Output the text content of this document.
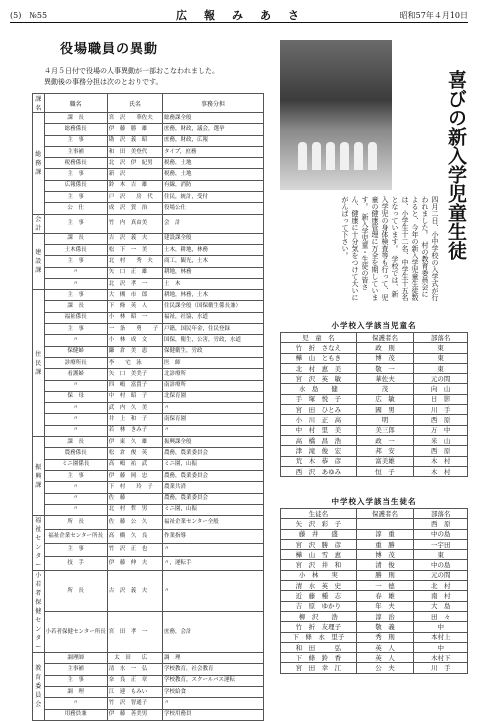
(5)　№55	広　報　み　あ　さ	昭和57年４月10日
役場職員の異動
４月５日付で役場の人事異動が一部おこなわれました。
異動後の事務分担は次のとおりです。
課名	職名	氏名	事務分担
総務課	課　長	宮　沢　　華佐夫	総務課全般
	総務係長	伊　藤　勝　雄	庶務，財政，議会，選挙
	主　事	勘　沢　義　昭	庶務，財政，広報
	主事補	和　田　美登代	タイプ，庶務
	税務係長	北　沢　伊　紀男	税務，土地
	主　事	新　沢　　　　　	税務，土地
	広報係長	鈴　木　吉　雄	有線，消防
	主　事	戸　沢　　房　代	住民，統計，受付
	公　仕	成　沢　賀　治	役場公仕
会計	主　事	竹　内　真由美	会　計
建設課	課　長	吉　沢　義　夫	建設課全般
	土木係長	松　下　一　美	土木，耕地，林務
	主　事	北　村　　秀　夫	商工，観光，土木
	〃	矢　口　正　雄	耕地，林務
	〃	北　沢　孝　一	土　木
住民課	主　事	大　槻　市　郎	耕地，林務，土木
	課　長	下　條　英　人	住民課全般（国保衛生係長兼）
	福祉係長	小　林　昭　一	福祉，社協，水道
	主　事	一　条　　勇　　子	戸籍，国民年金，住民登録
	〃	小　林　成　文	国保，衛生，公害，労政，水道
	保健婦	鎌　倉　美　恵	保健衛生，労政
	診療所長	李　　宅　泳	医　師
	看護婦	矢　口　美美子	北診療所
	〃	四　嶋　富貴子	南診療所
	保　母	中　村　昭　子	北保育園
	〃	武　内　久　美	〃
	〃	井　上　和　子	南保育園
	〃	若　林　きみ子	〃
振興課	課　長	伊　東　久　雄	振興課全般
	農務係長	松　倉　俊　英	農務，農業委員会
	ミニ園係長	高　嶋　祐　武	ミニ園，山振
	主　事	伊　藤　岡　忠	農務，農業委員会
	〃	下　村　　玲　子	農業共済
	〃	佐　藤　　　　	農務，農業委員会
	〃	北　村　哲　男	ミニ園，山振
福祉センター	所　長	佐　藤　公　久	福祉企業センター全般
	福祉企業センター所長	髙　橋　久　良	作業指導
	主　事	竹　沢　正　也	〃
	技　手	伊　藤　伸　夫	〃，運転手
小若者保健センター	所　長	古　沢　義　夫	〃
	小若者保健センター所長	宮　田　孝　一	庶務，会計
教育委員会	調理師	　太　田　　広	調　理
	主事補	清　水　一　弘	学校教育，社会教育
	主　事	奈　良　正　章	学校教育，スクールバス運転
	調　理	江　連　もみい	学校給食
	〃	竹　沢　智通子	〃
	用務員兼	伊　藤　善美男	学校用務員
喜びの新入学児童生徒
四月二日、小中学校の入学式が行われました。　村の教育委員会によると、今年の新入学児童生徒数は、小学生十二名、中学生十五名となっています。　学校では、新入学児の身体検査等も行って、児童の健康管理に万全を期しています。　新入学児童・生徒の皆さん、健康に十分気をつけて大いにがんばって下さい。
小学校入学該当児童名
児　童　名	保護者名	部落名
竹　折　さなえ	政　則	東
樺　山　ともき	博　茂	東
北　村　恵　美	敬　一	東
宮　沢　英　敏	華佐夫	元の間
水　島　　健	茂	向　山
手　塚　悦　子	広　敏	日　影
宮　田　ひとみ	國　男	川　手
小　川　正　高	明	西　原
中　村　里　美	美三郎	万　中
高　橋　昌　浩	政　一	米　山
津　滝　俊　宏	邦　安	西　原
荒　木　恭　彦	富美雄	木　村
西　沢　あゆみ	恒　子	木　村
中学校入学該当生徒名
生徒名	保護者名	部落名
矢　沢　彩　子	　　　	西　原
藤　井　　盛	淳　重	中の島
宮　沢　勝　彦	重　勝	一宇田
樺　山　雪　恵	博　茂	東
宮　沢　井　和	清　俊	中の島
小　林　　実	勝　則	元の間
清　水　英　史	一　德	北　村
近　藤　種　志	春　雄	南　村
吉　原　ゆかり	年　夫	大　島
柳　沢　　浩	淳　治	田　々
竹　折　友理子	敬　義	中
下　條　永　里子	秀　則	本村上
和　田　　　弘	英　人	中
下　條　鈴　香	英　人	木村下
宮　田　幸　江	公　夫	川　手
